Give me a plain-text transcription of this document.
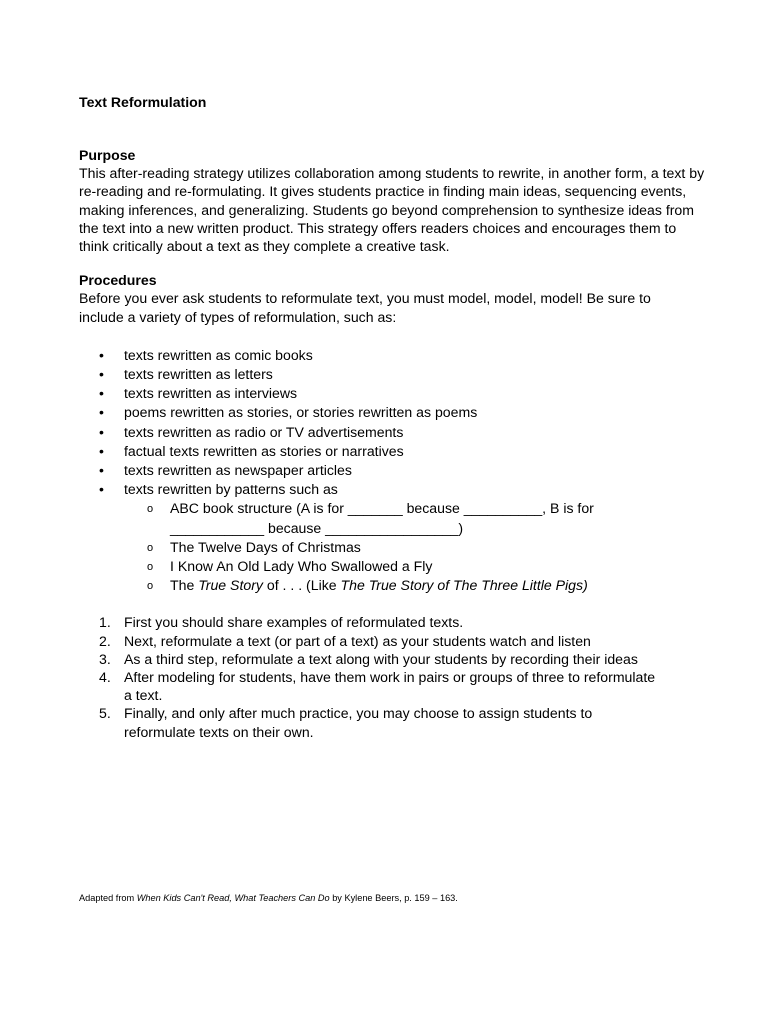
Text Reformulation

Purpose

This after-reading strategy utilizes collaboration among students to rewrite, in another form, a text by re-reading and re-formulating. It gives students practice in finding main ideas, sequencing events, making inferences, and generalizing. Students go beyond comprehension to synthesize ideas from the text into a new written product. This strategy offers readers choices and encourages them to think critically about a text as they complete a creative task.

Procedures

Before you ever ask students to reformulate text, you must model, model, model! Be sure to
include a variety of types of reformulation, such as:

• texts rewritten as comic books
• texts rewritten as letters
• texts rewritten as interviews
• poems rewritten as stories, or stories rewritten as poems
• texts rewritten as radio or TV advertisements
• factual texts rewritten as stories or narratives
• texts rewritten as newspaper articles
• texts rewritten by patterns such as
o ABC book structure (A is for _______ because __________, B is for
____________ because _________________)
o The Twelve Days of Christmas
o I Know An Old Lady Who Swallowed a Fly
o The True Story of . . . (Like The True Story of The Three Little Pigs)
1. First you should share examples of reformulated texts.
2. Next, reformulate a text (or part of a text) as your students watch and listen
3. As a third step, reformulate a text along with your students by recording their ideas
4. After modeling for students, have them work in pairs or groups of three to reformulate
a text.
5. Finally, and only after much practice, you may choose to assign students to
reformulate texts on their own.
Adapted from When Kids Can't Read, What Teachers Can Do by Kylene Beers, p. 159 – 163.
